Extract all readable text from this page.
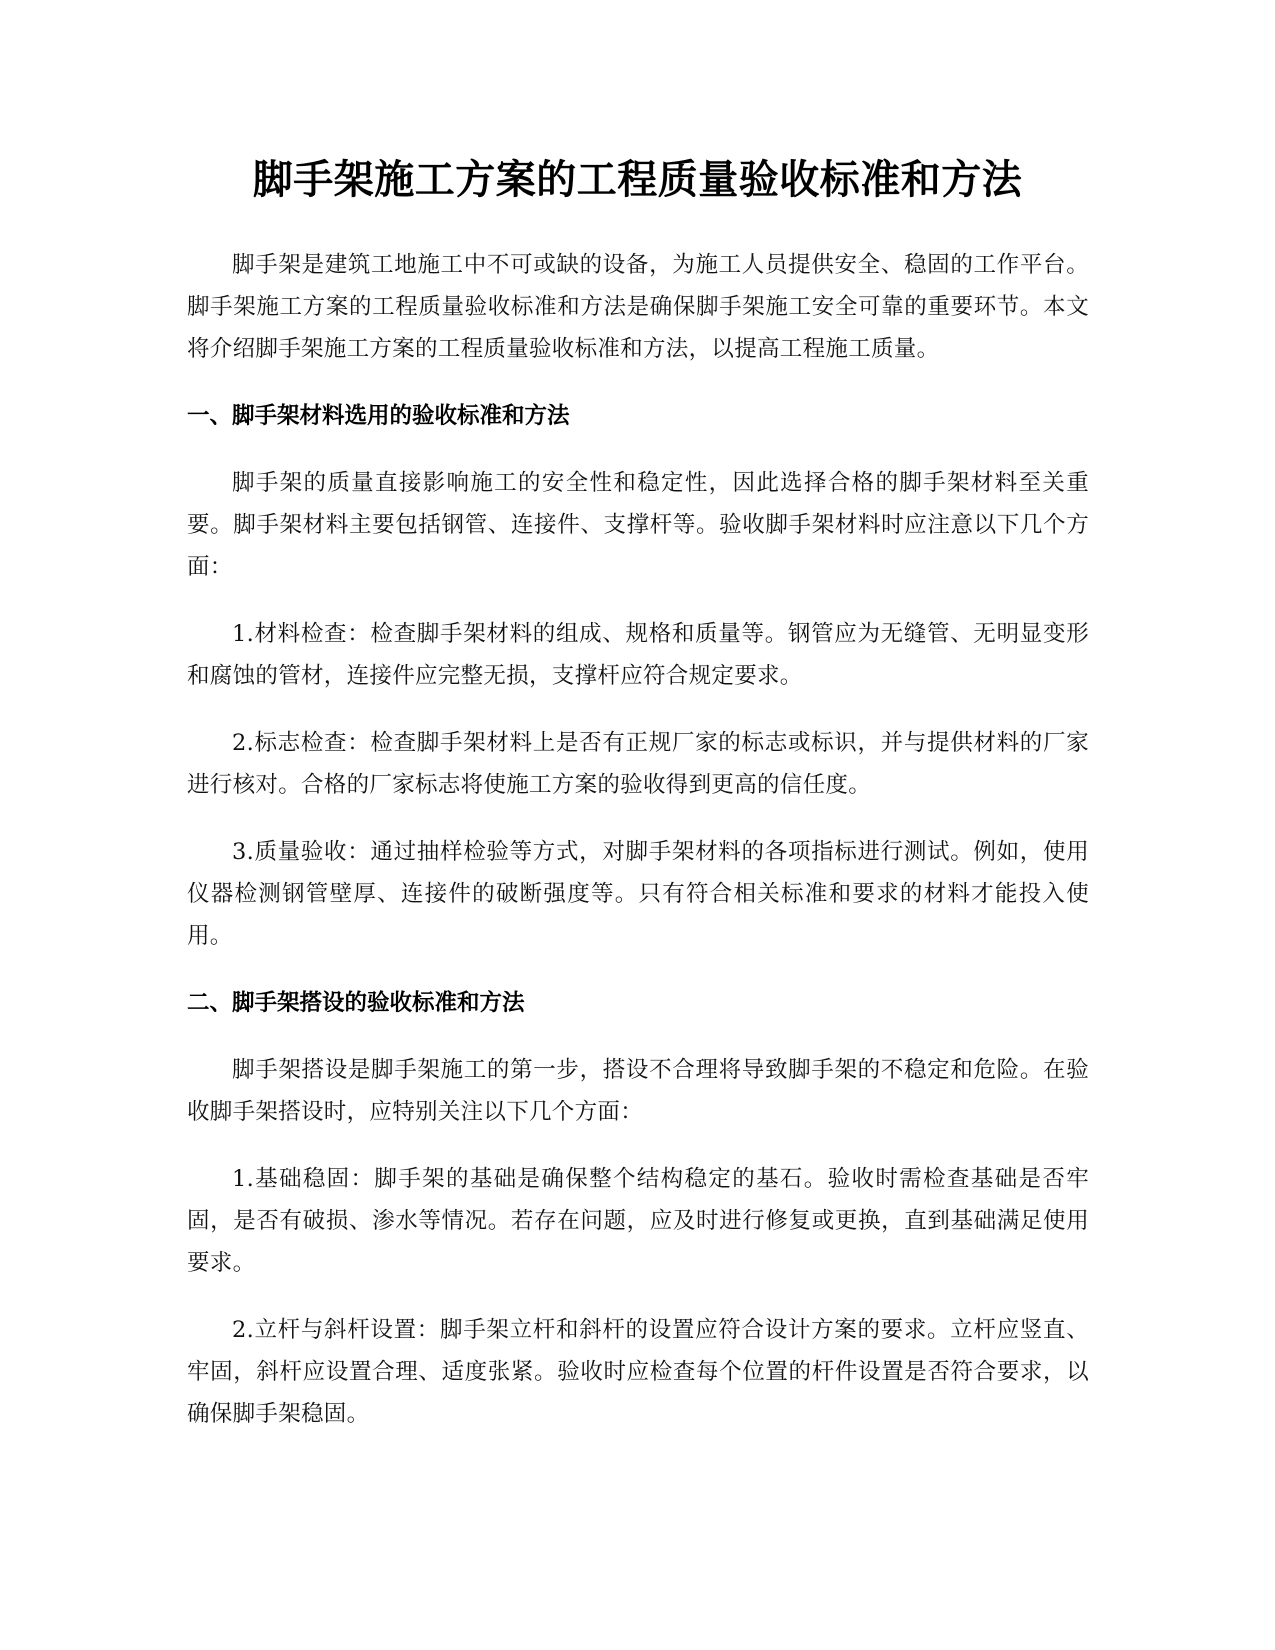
脚手架施工方案的工程质量验收标准和方法

脚手架是建筑工地施工中不可或缺的设备，为施工人员提供安全、稳固的工作平台。脚手架施工方案的工程质量验收标准和方法是确保脚手架施工安全可靠的重要环节。本文将介绍脚手架施工方案的工程质量验收标准和方法，以提高工程施工质量。

一、脚手架材料选用的验收标准和方法

脚手架的质量直接影响施工的安全性和稳定性，因此选择合格的脚手架材料至关重要。脚手架材料主要包括钢管、连接件、支撑杆等。验收脚手架材料时应注意以下几个方面：

1.材料检查：检查脚手架材料的组成、规格和质量等。钢管应为无缝管、无明显变形和腐蚀的管材，连接件应完整无损，支撑杆应符合规定要求。

2.标志检查：检查脚手架材料上是否有正规厂家的标志或标识，并与提供材料的厂家进行核对。合格的厂家标志将使施工方案的验收得到更高的信任度。

3.质量验收：通过抽样检验等方式，对脚手架材料的各项指标进行测试。例如，使用仪器检测钢管壁厚、连接件的破断强度等。只有符合相关标准和要求的材料才能投入使用。

二、脚手架搭设的验收标准和方法

脚手架搭设是脚手架施工的第一步，搭设不合理将导致脚手架的不稳定和危险。在验收脚手架搭设时，应特别关注以下几个方面：

1.基础稳固：脚手架的基础是确保整个结构稳定的基石。验收时需检查基础是否牢固，是否有破损、渗水等情况。若存在问题，应及时进行修复或更换，直到基础满足使用要求。

2.立杆与斜杆设置：脚手架立杆和斜杆的设置应符合设计方案的要求。立杆应竖直、牢固，斜杆应设置合理、适度张紧。验收时应检查每个位置的杆件设置是否符合要求，以确保脚手架稳固。
